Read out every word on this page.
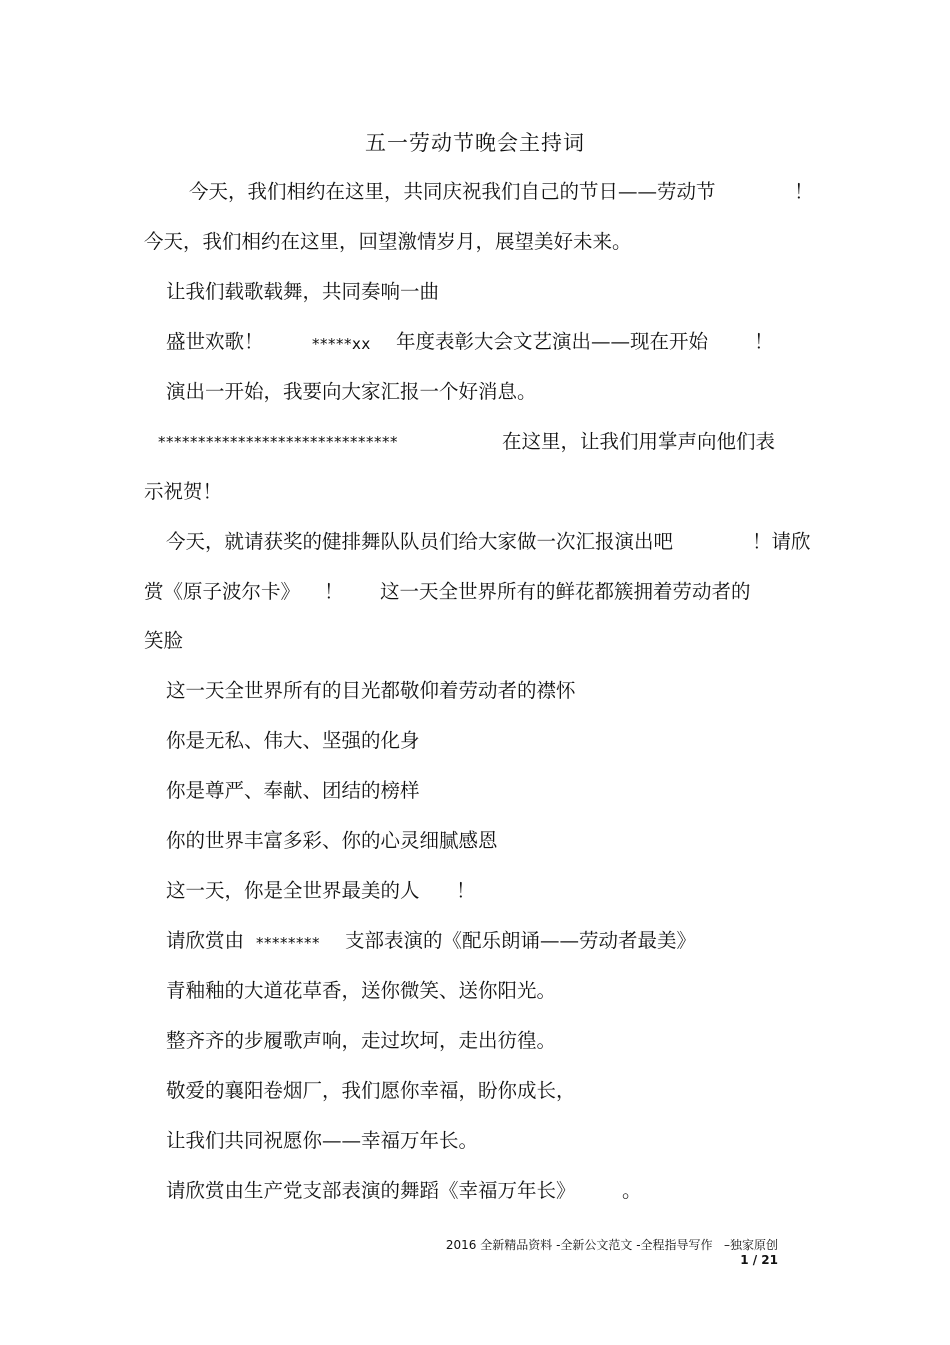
五一劳动节晚会主持词
今天，我们相约在这里，共同庆祝我们自己的节日——劳动节	！
今天，我们相约在这里，回望激情岁月，展望美好未来。
让我们载歌载舞，共同奏响一曲
盛世欢歌！	*****xx 年度表彰大会文艺演出——现在开始 ！
演出一开始，我要向大家汇报一个好消息。
******************************	在这里，让我们用掌声向他们表
示祝贺！
今天，就请获奖的健排舞队队员们给大家做一次汇报演出吧	！请欣
赏《原子波尔卡》 ！ 这一天全世界所有的鲜花都簇拥着劳动者的
笑脸
这一天全世界所有的目光都敬仰着劳动者的襟怀
你是无私、伟大、坚强的化身
你是尊严、奉献、团结的榜样
你的世界丰富多彩、你的心灵细腻感恩
这一天，你是全世界最美的人 ！
请欣赏由 ******** 支部表演的《配乐朗诵——劳动者最美》
青釉釉的大道花草香，送你微笑、送你阳光。
整齐齐的步履歌声响，走过坎坷，走出彷徨。
敬爱的襄阳卷烟厂，我们愿你幸福，盼你成长，
让我们共同祝愿你——幸福万年长。
请欣赏由生产党支部表演的舞蹈《幸福万年长》 。
2016 全新精品资料 -全新公文范文 -全程指导写作   –独家原创
1 / 21
